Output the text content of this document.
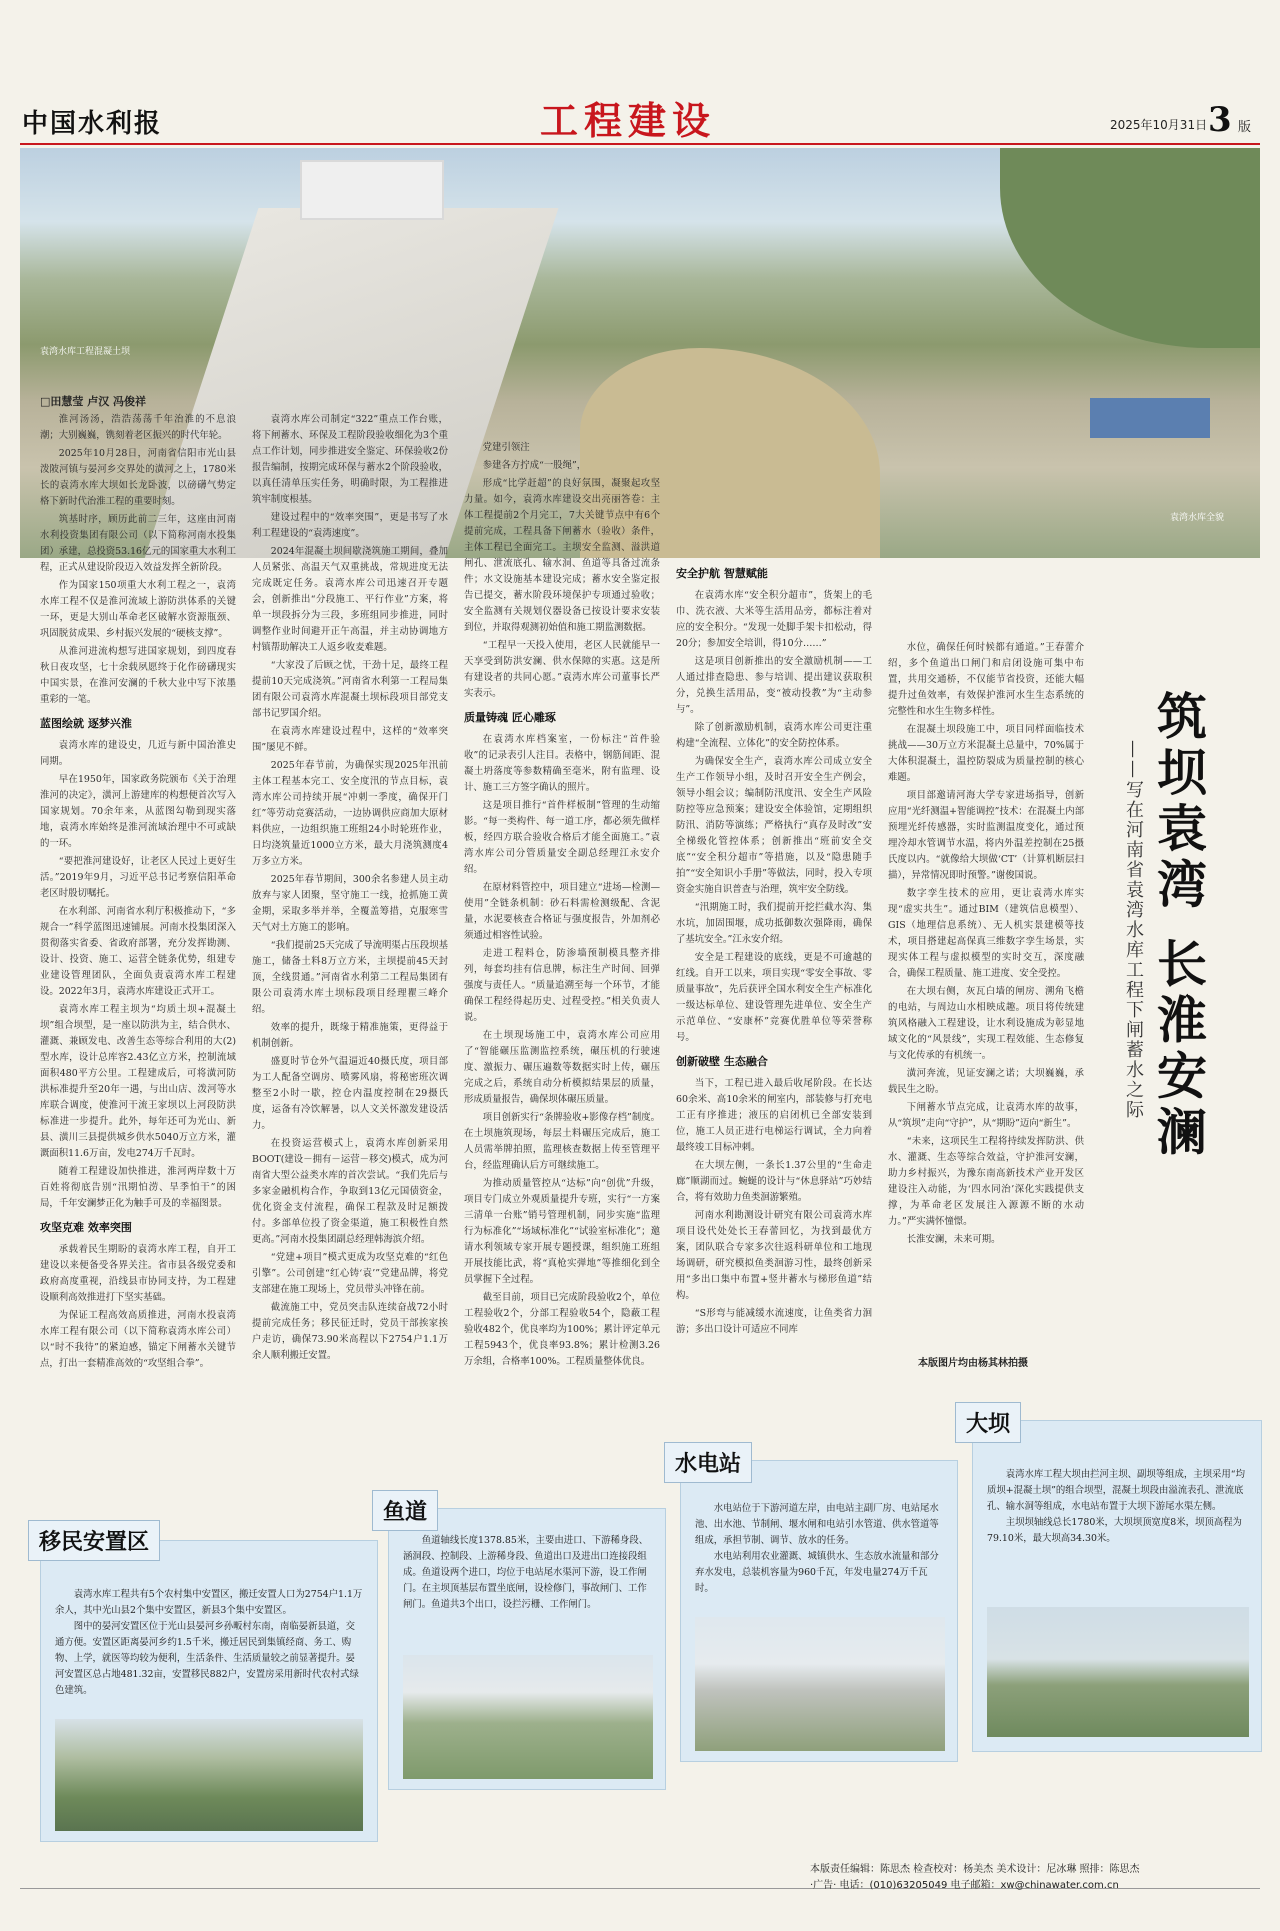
中国水利报	工程建设	2025年10月31日 3 版
袁湾水库工程混凝土坝
袁湾水库全貌
□田慧莹 卢汉 冯俊祥

淮河汤汤，浩浩荡荡千年治淮的不息浪潮；大别巍巍，镌刻着老区振兴的时代年轮。

2025年10月28日，河南省信阳市光山县泼陂河镇与晏河乡交界处的潢河之上，1780米长的袁湾水库大坝如长龙卧波，以磅礴气势定格下新时代治淮工程的重要时刻。

筑基时序，顾历此前二三年，这座由河南水利投资集团有限公司（以下简称河南水投集团）承建，总投资53.16亿元的国家重大水利工程，正式从建设阶段迈入效益发挥全新阶段。

作为国家150项重大水利工程之一，袁湾水库工程不仅是淮河流域上游防洪体系的关键一环，更是大别山革命老区破解水资源瓶颈、巩固脱贫成果、乡村振兴发展的“硬核支撑”。

从淮河进流构想写进国家规划，到四度春秋日夜攻坚，七十余载夙愿终于化作磅礴现实中国实景，在淮河安澜的千秋大业中写下浓墨重彩的一笔。

蓝图绘就 逐梦兴淮

袁湾水库的建设史，几近与新中国治淮史同期。

早在1950年，国家政务院颁布《关于治理淮河的决定》，潢河上游建库的构想便首次写入国家规划。70余年来，从蓝图勾勒到现实落地，袁湾水库始终是淮河流域治理中不可或缺的一环。

“要把淮河建设好，让老区人民过上更好生活。”2019年9月，习近平总书记考察信阳革命老区时殷切嘱托。

在水利部、河南省水利厅积极推动下，“多规合一”科学蓝图迅速铺展。河南水投集团深入贯彻落实省委、省政府部署，充分发挥勘测、设计、投资、施工、运营全链条优势，组建专业建设管理团队，全面负责袁湾水库工程建设。2022年3月，袁湾水库建设正式开工。

袁湾水库工程主坝为“均质土坝+混凝土坝”组合坝型，是一座以防洪为主，结合供水、灌溉、兼顾发电、改善生态等综合利用的大(2)型水库，设计总库容2.43亿立方米，控制流域面积480平方公里。工程建成后，可将潢河防洪标准提升至20年一遇，与出山店、泼河等水库联合调度，使淮河干流王家坝以上河段防洪标准进一步提升。此外，每年还可为光山、新县、潢川三县提供城乡供水5040万立方米，灌溉面积11.6万亩，发电274万千瓦时。

随着工程建设加快推进，淮河两岸数十万百姓将彻底告别“汛期怕涝、旱季怕干”的困局，千年安澜梦正化为触手可及的幸福图景。

攻坚克难 效率突围

承载着民生期盼的袁湾水库工程，自开工建设以来便备受各界关注。省市县各级党委和政府高度重视，沿线县市协同支持，为工程建设顺利高效推进打下坚实基础。

为保证工程高效高质推进，河南水投袁湾水库工程有限公司（以下简称袁湾水库公司）以“时不我待”的紧迫感，锚定下闸蓄水关键节点，打出一套精准高效的“攻坚组合拳”。

袁湾水库公司制定“322”重点工作台账，将下闸蓄水、环保及工程阶段验收细化为3个重点工作计划，同步推进安全鉴定、环保验收2份报告编制，按期完成环保与蓄水2个阶段验收，以真任清单压实任务，明确时限，为工程推进筑牢制度根基。

建设过程中的“效率突围”，更是书写了水利工程建设的“袁湾速度”。

2024年混凝土坝间歇浇筑施工期间，叠加人员紧张、高温天气双重挑战，常规进度无法完成既定任务。袁湾水库公司迅速召开专题会，创新推出“分段施工、平行作业”方案，将单一坝段拆分为三段，多班组同步推进，同时调整作业时间避开正午高温，并主动协调地方村镇帮助解决工人返乡收麦难题。

“大家没了后顾之忧，干劲十足，最终工程提前10天完成浇筑。”河南省水利第一工程局集团有限公司袁湾水库混凝土坝标段项目部党支部书记罗国介绍。

在袁湾水库建设过程中，这样的“效率突围”屡见不鲜。

2025年春节前，为确保实现2025年汛前主体工程基本完工、安全度汛的节点目标，袁湾水库公司持续开展“冲刺一季度，确保开门红”等劳动竞赛活动，一边协调供应商加大原材料供应，一边组织施工班组24小时轮班作业，日均浇筑量近1000立方米，最大月浇筑测度4万多立方米。

2025年春节期间，300余名参建人员主动放弃与家人团聚，坚守施工一线，抢抓施工黄金期，采取多举并举，全覆盖筹措，克服寒雪天气对土方施工的影响。

“我们提前25天完成了导流明渠占压段坝基施工，储备土料8万立方米，主坝提前45天封顶，全线贯通。”河南省水利第二工程局集团有限公司袁湾水库土坝标段项目经理瞿三峰介绍。

效率的提升，既缘于精准施策，更得益于机制创新。

盛夏时节仓外气温逼近40摄氏度，项目部为工人配备空调房、喷雾风扇，将秘密班次调整至2小时一歇，控仓内温度控制在29摄氏度，运备有冷饮解暑，以人文关怀激发建设活力。

在投资运营模式上，袁湾水库创新采用BOOT(建设－拥有－运营－移交)模式，成为河南省大型公益类水库的首次尝试。“我们先后与多家金融机构合作，争取到13亿元国债资金，优化资金支付流程，确保工程款及时足额拨付。多部单位投了资金渠道，施工积极性自然更高。”河南水投集团副总经理韩海滨介绍。

“党建+项目”模式更成为攻坚克难的“红色引擎”。公司创建“红心铸‘袁’”党建品牌，将党支部建在施工现场上，党员带头冲锋在前。

截流施工中，党员突击队连续奋战72小时提前完成任务；移民征迁时，党员干部挨家挨户走访，确保73.90米高程以下2754户1.1万余人顺利搬迁安置。

党建引领注

参建各方拧成“一股绳”，

形成“比学赶超”的良好氛围，凝聚起攻坚力量。如今，袁湾水库建设交出亮丽答卷：主体工程提前2个月完工，7大关键节点中有6个提前完成，工程具备下闸蓄水（验收）条件，主体工程已全面完工。主坝安全监测、溢洪道闸孔、泄流底孔、输水洞、鱼道等具备过流条件；水文设施基本建设完成；蓄水安全鉴定报告已提交，蓄水阶段环境保护专项通过验收；安全监测有关规划仪器设备已按设计要求安装到位，并取得观测初始值和施工期监测数据。

“工程早一天投入使用，老区人民就能早一天享受到防洪安澜、供水保障的实惠。这是所有建设者的共同心愿。”袁湾水库公司董事长严实表示。

质量铸魂 匠心雕琢

在袁湾水库档案室，一份标注“首件验收”的记录表引人注目。表格中，钢筋间距、混凝土坍落度等参数精确至毫米，附有监理、设计、施工三方签字确认的照片。

这是项目推行“首件样板制”管理的生动缩影。“每一类构件、每一道工序，都必须先做样板，经四方联合验收合格后才能全面施工。”袁湾水库公司分管质量安全副总经理江永安介绍。

在原材料管控中，项目建立“进场—检测—使用”全链条机制：砂石料需检测级配、含泥量，水泥要核查合格证与强度报告，外加剂必须通过相容性试验。

走进工程料仓，防渗墙预制模具整齐排列，每套均挂有信息牌，标注生产时间、回弹强度与责任人。“质量追溯至每一个环节，才能确保工程经得起历史、过程受控。”相关负责人说。

在土坝现场施工中，袁湾水库公司应用了“智能碾压监测监控系统，碾压机的行驶速度、激振力、碾压遍数等数据实时上传，碾压完成之后，系统自动分析模拟结果层的质量，形成质量报告，确保坝体碾压质量。

项目创新实行“条牌验收+影像存档”制度。在土坝施筑现场，每层土料碾压完成后，施工人员需举牌拍照，监理核查数据上传至管理平台，经监理确认后方可继续施工。

为推动质量管控从“达标”向“创优”升级，项目专门成立外观质量提升专班，实行“一方案三清单一台账”销号管理机制，同步实施“监理行为标准化”“场域标准化”“试验室标准化”；邀请水利领域专家开展专题授课，组织施工班组开展技能比武，将“真枪实弹地”等推细化到全员掌握下全过程。

截至目前，项目已完成阶段验收2个，单位工程验收2个，分部工程验收54个，隐蔽工程验收482个，优良率均为100%；累计评定单元工程5943个，优良率93.8%；累计检测3.26万余组，合格率100%。工程质量整体优良。

安全护航 智慧赋能

在袁湾水库“安全积分超市”，货架上的毛巾、洗衣液、大米等生活用品旁，都标注着对应的安全积分。“发现一处脚手架卡扣松动，得20分；参加安全培训，得10分……”

这是项目创新推出的安全激励机制——工人通过排查隐患、参与培训、提出建议获取积分，兑换生活用品，变“被动投教”为“主动参与”。

除了创新激励机制，袁湾水库公司更注重构建“全流程、立体化”的安全防控体系。

为确保安全生产，袁湾水库公司成立安全生产工作领导小组，及时召开安全生产例会，领导小组会议；编制防汛度汛、安全生产风险防控等应急预案；建设安全体验馆，定期组织防汛、消防等演练；严格执行“真存及时改”安全梯级化管控体系；创新推出“班前安全交底”“安全积分超市”等措施，以及“隐患随手拍”“安全知识小手册”等做法，同时，投入专项资金实施自识普查与治理，筑牢安全防线。

“汛期施工时，我们提前开挖拦截水沟、集水坑，加固围堰，成功抵御数次强降雨，确保了基坑安全。”江永安介绍。

安全是工程建设的底线，更是不可逾越的红线。自开工以来，项目实现“零安全事故、零质量事故”，先后获评全国水利安全生产标准化一级达标单位、建设管理先进单位、安全生产示范单位、“安康杯”竞赛优胜单位等荣誉称号。

创新破壁 生态融合

当下，工程已进入最后收尾阶段。在长达60余米、高10余米的闸室内，部装修与打充电工正有序推进；液压的启闭机已全部安装到位，施工人员正进行电梯运行调试，全力向着最终竣工目标冲刺。

在大坝左侧，一条长1.37公里的“生命走廊”顺湖而过。蜿蜒的设计与“休息驿站”巧妙结合，将有效助力鱼类洄游繁殖。

河南水利勘测设计研究有限公司袁湾水库项目设代处处长王春蕾回忆，为找到最优方案，团队联合专家多次往返科研单位和工地现场调研，研究模拟鱼类洄游习性，最终创新采用“多出口集中布置+竖井蓄水与梯形鱼道”结构。

“S形弯与能减缓水流速度，让鱼类省力洄游；多出口设计可适应不同库

水位，确保任何时候都有通道。”王春蕾介绍，多个鱼道出口闸门和启闭设施可集中布置，共用交通桥，不仅能节省投资，还能大幅提升过鱼效率，有效保护淮河水生生态系统的完整性和水生生物多样性。

在混凝土坝段施工中，项目同样面临技术挑战——30万立方米混凝土总量中，70%属于大体积混凝土，温控防裂成为质量控制的核心难题。

项目部邀请河海大学专家进场指导，创新应用“光纤测温+智能调控”技术：在混凝土内部预埋光纤传感器，实时监测温度变化，通过预埋冷却水管调节水温，将内外温差控制在25摄氏度以内。“就像给大坝做‘CT’（计算机断层扫描），异常情况即时预警。”谢俊国说。

数字孪生技术的应用，更让袁湾水库实现“虚实共生”。通过BIM（建筑信息模型）、GIS（地理信息系统）、无人机实景建模等技术，项目搭建起高保真三维数字孪生场景，实现实体工程与虚拟模型的实时交互，深度融合，确保工程质量、施工进度、安全受控。

在大坝右侧，灰瓦白墙的闸房、溯角飞檐的电站，与周边山水相映成趣。项目将传统建筑风格融入工程建设，让水利设施成为彰显地域文化的“风景线”，实现工程效能、生态修复与文化传承的有机统一。

潢河奔流，见证安澜之诺；大坝巍巍，承载民生之盼。

下闸蓄水节点完成，让袁湾水库的故事，从“筑坝”走向“守护”，从“期盼”迈向“新生”。

“未来，这项民生工程将持续发挥防洪、供水、灌溉、生态等综合效益，守护淮河安澜，助力乡村振兴，为豫东南高新技术产业开发区建设注入动能，为‘四水同治’深化实践提供支撑，为革命老区发展注入源源不断的水动力。”严实满怀憧憬。

长淮安澜，未来可期。

筑坝袁湾 长淮安澜
——写在河南省袁湾水库工程下闸蓄水之际
本版图片均由杨其林拍摄

袁湾水库工程大坝由拦河主坝、副坝等组成，主坝采用“均质坝+混凝土坝”的组合坝型，混凝土坝段由溢流表孔、泄流底孔、输水洞等组成，水电站布置于大坝下游尾水渠左侧。

主坝坝轴线总长1780米，大坝坝顶宽度8米，坝顶高程为79.10米，最大坝高34.30米。

大坝

水电站位于下游河道左岸，由电站主副厂房、电站尾水池、出水池、节制闸、堰水闸和电站引水管道、供水管道等组成，承担节制、调节、放水的任务。

水电站利用农业灌溉、城镇供水、生态放水流量和部分弃水发电，总装机容量为960千瓦，年发电量274万千瓦时。

水电站

鱼道轴线长度1378.85米，主要由进口、下游稀身段、涵洞段、控制段、上游稀身段、鱼道出口及进出口连接段组成。鱼道设两个进口，均位于电站尾水渠河下游，设工作闸门。在主坝顶基层布置坐底闸，设检修门，事故闸门、工作闸门。鱼道共3个出口，设拦污栅、工作闸门。

鱼道

袁湾水库工程共有5个农村集中安置区，搬迁安置人口为2754户1.1万余人，其中光山县2个集中安置区，新县3个集中安置区。

图中的晏河安置区位于光山县晏河乡孙畈村东南，南临晏新县道，交通方便。安置区距离晏河乡约1.5千米，搬迁居民到集镇经商、务工、购物、上学，就医等均较为便利，生活条件、生活质量较之前显著提升。晏河安置区总占地481.32亩，安置移民882户，安置房采用新时代农村式绿色建筑。

移民安置区
本版责任编辑：陈思杰 检查校对：杨美杰 美术设计：尼冰琳 照排：陈思杰
·广告· 电话：(010)63205049 电子邮箱：xw@chinawater.com.cn
